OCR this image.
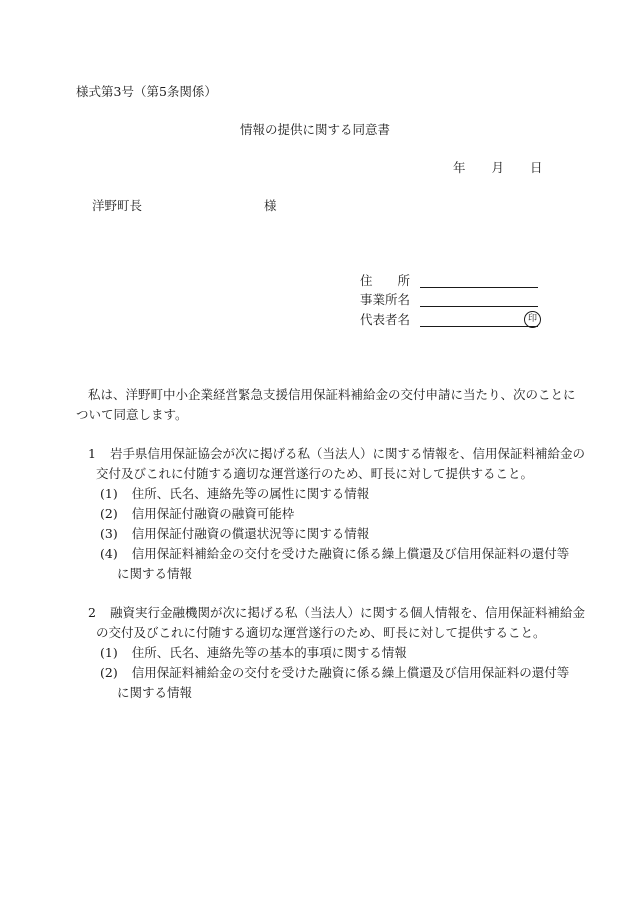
様式第3号（第5条関係）
情報の提供に関する同意書
年 月 日
洋野町長	様
住　　所
事業所名
代表者名	印
私は、洋野町中小企業経営緊急支援信用保証料補給金の交付申請に当たり、次のことに
ついて同意します。
1 岩手県信用保証協会が次に掲げる私（当法人）に関する情報を、信用保証料補給金の
交付及びこれに付随する適切な運営遂行のため、町長に対して提供すること。
(1) 住所、氏名、連絡先等の属性に関する情報
(2) 信用保証付融資の融資可能枠
(3) 信用保証付融資の償還状況等に関する情報
(4) 信用保証料補給金の交付を受けた融資に係る繰上償還及び信用保証料の還付等
に関する情報
2 融資実行金融機関が次に掲げる私（当法人）に関する個人情報を、信用保証料補給金
の交付及びこれに付随する適切な運営遂行のため、町長に対して提供すること。
(1) 住所、氏名、連絡先等の基本的事項に関する情報
(2) 信用保証料補給金の交付を受けた融資に係る繰上償還及び信用保証料の還付等
に関する情報
